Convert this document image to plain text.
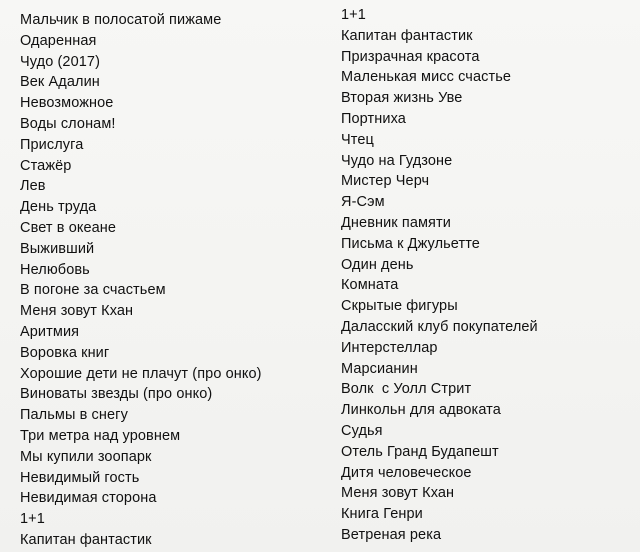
Мальчик в полосатой пижаме
Одаренная
Чудо (2017)
Век Адалин
Невозможное
Воды слонам!
Прислуга
Стажёр
Лев
День труда
Свет в океане
Выживший
Нелюбовь
В погоне за счастьем
Меня зовут Кхан
Аритмия
Воровка книг
Хорошие дети не плачут (про онко)
Виноваты звезды (про онко)
Пальмы в снегу
Три метра над уровнем
Мы купили зоопарк
Невидимый гость
Невидимая сторона
1+1
Капитан фантастик
1+1
Капитан фантастик
Призрачная красота
Маленькая мисс счастье
Вторая жизнь Уве
Портниха
Чтец
Чудо на Гудзоне
Мистер Черч
Я-Сэм
Дневник памяти
Письма к Джульетте
Один день
Комната
Скрытые фигуры
Даласский клуб покупателей
Интерстеллар
Марсианин
Волк  с Уолл Стрит
Линкольн для адвоката
Судья
Отель Гранд Будапешт
Дитя человеческое
Меня зовут Кхан
Книга Генри
Ветреная река
